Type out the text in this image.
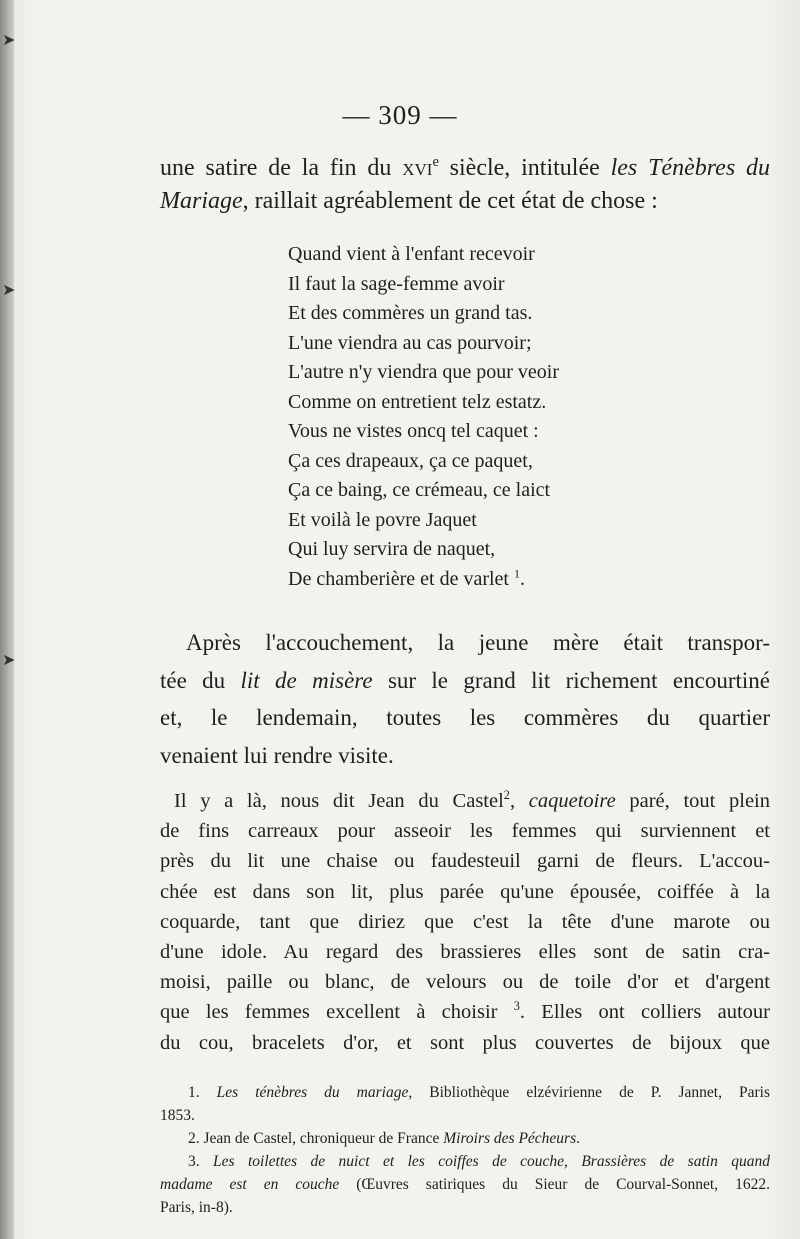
➤
➤
➤
— 309 —

une satire de la fin du xvi$^e$ siècle, intitulée les Ténèbres du

Mariage, raillait agréablement de cet état de chose :

Quand vient à l'enfant recevoir
Il faut la sage-femme avoir
Et des commères un grand tas.
L'une viendra au cas pourvoir;
L'autre n'y viendra que pour veoir
Comme on entretient telz estatz.
Vous ne vistes oncq tel caquet :
Ça ces drapeaux, ça ce paquet,
Ça ce baing, ce crémeau, ce laict
Et voilà le povre Jaquet
Qui luy servira de naquet,
De chamberière et de varlet $^1$.
Après l'accouchement, la jeune mère était transpor-
tée du lit de misère sur le grand lit richement encourtiné
et, le lendemain, toutes les commères du quartier
venaient lui rendre visite.
Il y a là, nous dit Jean du Castel$^2$, caquetoire paré, tout plein
de fins carreaux pour asseoir les femmes qui surviennent et
près du lit une chaise ou faudesteuil garni de fleurs. L'accou-
chée est dans son lit, plus parée qu'une épousée, coiffée à la
coquarde, tant que diriez que c'est la tête d'une marote ou
d'une idole. Au regard des brassieres elles sont de satin cra-
moisi, paille ou blanc, de velours ou de toile d'or et d'argent
que les femmes excellent à choisir $^3$. Elles ont colliers autour
du cou, bracelets d'or, et sont plus couvertes de bijoux que
1. Les ténèbres du mariage, Bibliothèque elzévirienne de P. Jannet, Paris
1853.
2. Jean de Castel, chroniqueur de France Miroirs des Pécheurs.
3. Les toilettes de nuict et les coiffes de couche, Brassières de satin quand
madame est en couche (Œuvres satiriques du Sieur de Courval-Sonnet, 1622.
Paris, in-8).
